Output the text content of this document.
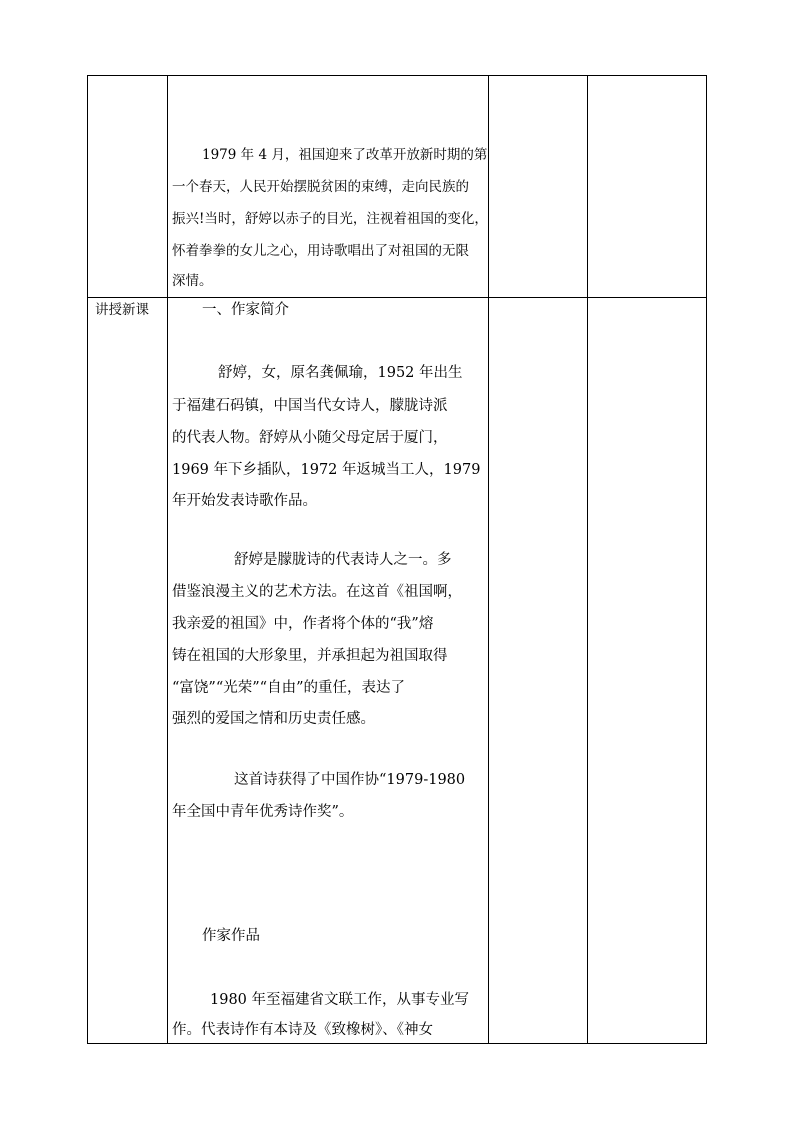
1979 年 4 月，祖国迎来了改革开放新时期的第
一个春天，人民开始摆脱贫困的束缚，走向民族的
振兴!当时，舒婷以赤子的目光，注视着祖国的变化，
怀着拳拳的女儿之心，用诗歌唱出了对祖国的无限
深情。
讲授新课	一、作家简介
舒婷，女，原名龚佩瑜，1952 年出生
于福建石码镇，中国当代女诗人，朦胧诗派
的代表人物。舒婷从小随父母定居于厦门，
1969 年下乡插队，1972 年返城当工人，1979
年开始发表诗歌作品。
舒婷是朦胧诗的代表诗人之一。多
借鉴浪漫主义的艺术方法。在这首《祖国啊，
我亲爱的祖国》中，作者将个体的“我”熔
铸在祖国的大形象里，并承担起为祖国取得
“富饶”“光荣”“自由”的重任，表达了
强烈的爱国之情和历史责任感。
这首诗获得了中国作协“1979-1980
年全国中青年优秀诗作奖”。
作家作品
1980 年至福建省文联工作，从事专业写
作。代表诗作有本诗及《致橡树》、《神女
